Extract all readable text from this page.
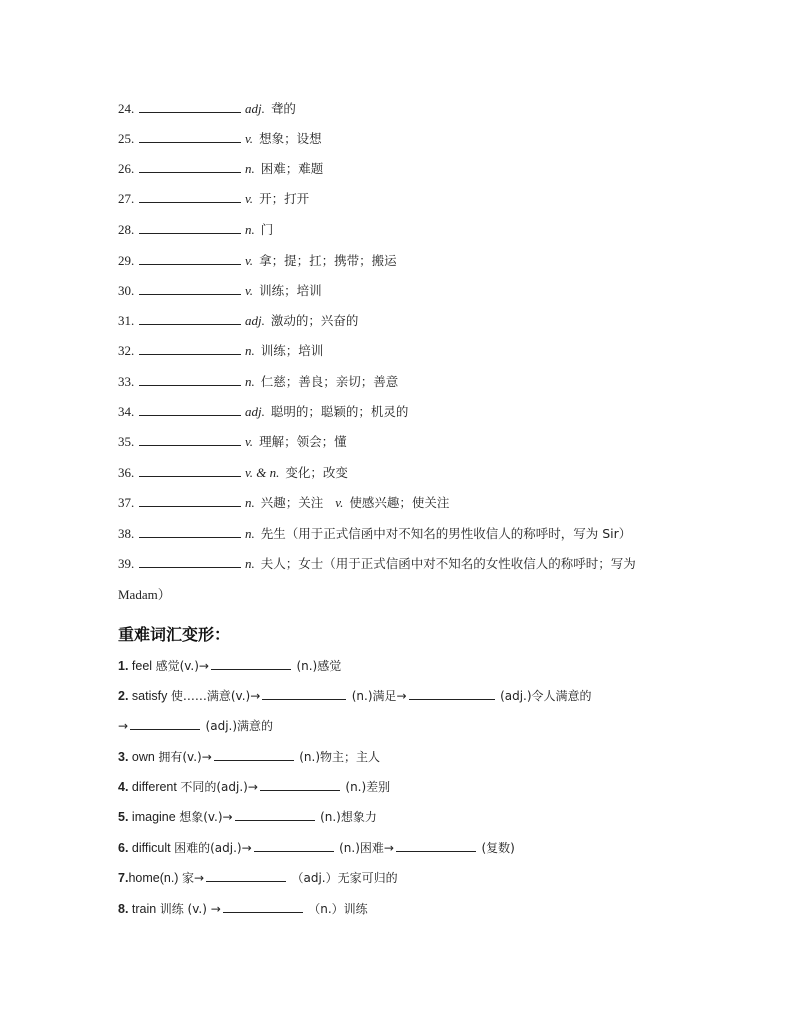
24.	adj. 聋的
25.	v. 想象；设想
26.	n. 困难；难题
27.	v. 开；打开
28.	n. 门
29.	v. 拿；提；扛；携带；搬运
30.	v. 训练；培训
31.	adj. 激动的；兴奋的
32.	n. 训练；培训
33.	n. 仁慈；善良；亲切；善意
34.	adj. 聪明的；聪颖的；机灵的
35.	v. 理解；领会；懂
36.	v. & n. 变化；改变
37.	n. 兴趣；关注 v. 使感兴趣；使关注
38.	n. 先生（用于正式信函中对不知名的男性收信人的称呼时，写为 Sir）
39.	n. 夫人；女士（用于正式信函中对不知名的女性收信人的称呼时；写为
Madam）
重难词汇变形：
1. feel 感觉(v.)→	(n.)感觉
2. satisfy 使……满意(v.)→	(n.)满足→	(adj.)令人满意的
→	(adj.)满意的
3. own 拥有(v.)→	(n.)物主；主人
4. different 不同的(adj.)→	(n.)差别
5. imagine 想象(v.)→	(n.)想象力
6. difficult 困难的(adj.)→	(n.)困难→	(复数)
7.home(n.) 家→	（adj.）无家可归的
8. train 训练 (v.) →	（n.）训练
